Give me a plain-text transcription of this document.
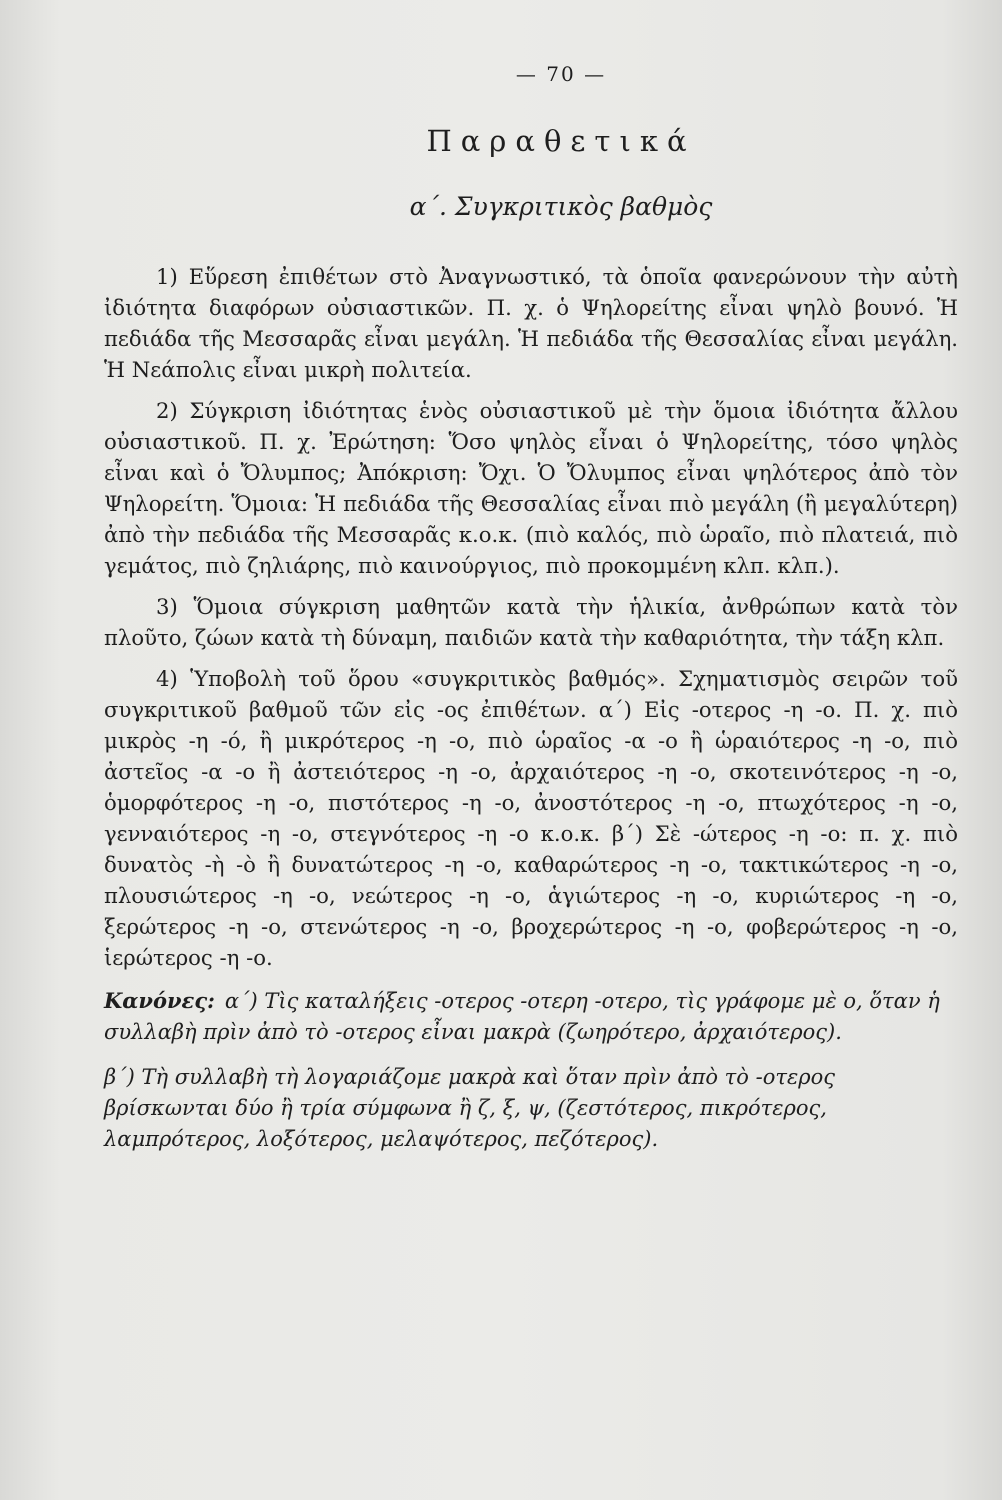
— 70 —
Παραθετικά
α΄. Συγκριτικὸς βαθμὸς

1) Εὕρεση ἐπιθέτων στὸ Ἀναγνωστικό, τὰ ὁποῖα φανερώνουν τὴν αὐτὴ ἰδιότητα διαφόρων οὐσιαστικῶν. Π. χ. ὁ Ψηλορείτης εἶναι ψηλὸ βουνό. Ἡ πεδιάδα τῆς Μεσσαρᾶς εἶναι μεγάλη. Ἡ πεδιάδα τῆς Θεσσαλίας εἶναι μεγάλη. Ἡ Νεάπολις εἶναι μικρὴ πολιτεία.

2) Σύγκριση ἰδιότητας ἑνὸς οὐσιαστικοῦ μὲ τὴν ὅμοια ἰδιότητα ἄλλου οὐσιαστικοῦ. Π. χ. Ἐρώτηση: Ὅσο ψηλὸς εἶναι ὁ Ψηλορείτης, τόσο ψηλὸς εἶναι καὶ ὁ Ὄλυμπος; Ἀπόκριση: Ὄχι. Ὁ Ὄλυμπος εἶναι ψηλότερος ἀπὸ τὸν Ψηλορείτη. Ὅμοια: Ἡ πεδιάδα τῆς Θεσσαλίας εἶναι πιὸ μεγάλη (ἢ μεγαλύτερη) ἀπὸ τὴν πεδιάδα τῆς Μεσσαρᾶς κ.ο.κ. (πιὸ καλός, πιὸ ὡραῖο, πιὸ πλατειά, πιὸ γεμάτος, πιὸ ζηλιάρης, πιὸ καινούργιος, πιὸ προκομμένη κλπ. κλπ.).

3) Ὅμοια σύγκριση μαθητῶν κατὰ τὴν ἡλικία, ἀνθρώπων κατὰ τὸν πλοῦτο, ζώων κατὰ τὴ δύναμη, παιδιῶν κατὰ τὴν καθαριότητα, τὴν τάξη κλπ.

4) Ὑποβολὴ τοῦ ὅρου «συγκριτικὸς βαθμός». Σχηματισμὸς σειρῶν τοῦ συγκριτικοῦ βαθμοῦ τῶν εἰς -ος ἐπιθέτων. α΄) Εἰς -οτερος -η -ο. Π. χ. πιὸ μικρὸς -η -ό, ἢ μικρότερος -η -ο, πιὸ ὡραῖος -α -ο ἢ ὡραιότερος -η -ο, πιὸ ἀστεῖος -α -ο ἢ ἀστειότερος -η -ο, ἀρχαιότερος -η -ο, σκοτεινότερος -η -ο, ὁμορφότερος -η -ο, πιστότερος -η -ο, ἀνοστότερος -η -ο, πτωχότερος -η -ο, γενναιότερος -η -ο, στεγνότερος -η -ο κ.ο.κ. β΄) Σὲ -ώτερος -η -ο: π. χ. πιὸ δυνατὸς -ὴ -ὸ ἢ δυνατώτερος -η -ο, καθαρώτερος -η -ο, τακτικώτερος -η -ο, πλουσιώτερος -η -ο, νεώτερος -η -ο, ἁγιώτερος -η -ο, κυριώτερος -η -ο, ξερώτερος -η -ο, στενώτερος -η -ο, βροχερώτερος -η -ο, φοβερώτερος -η -ο, ἱερώτερος -η -ο.

Κανόνες: α΄) Τὶς καταλήξεις -οτερος -οτερη -οτερο, τὶς γράφομε μὲ ο, ὅταν ἡ συλλαβὴ πρὶν ἀπὸ τὸ -οτερος εἶναι μακρὰ (ζωηρότερο, ἀρχαιότερος).

β΄) Τὴ συλλαβὴ τὴ λογαριάζομε μακρὰ καὶ ὅταν πρὶν ἀπὸ τὸ -οτερος βρίσκωνται δύο ἢ τρία σύμφωνα ἢ ζ, ξ, ψ, (ζεστότερος, πικρότερος, λαμπρότερος, λοξότερος, μελαψότερος, πεζότερος).
